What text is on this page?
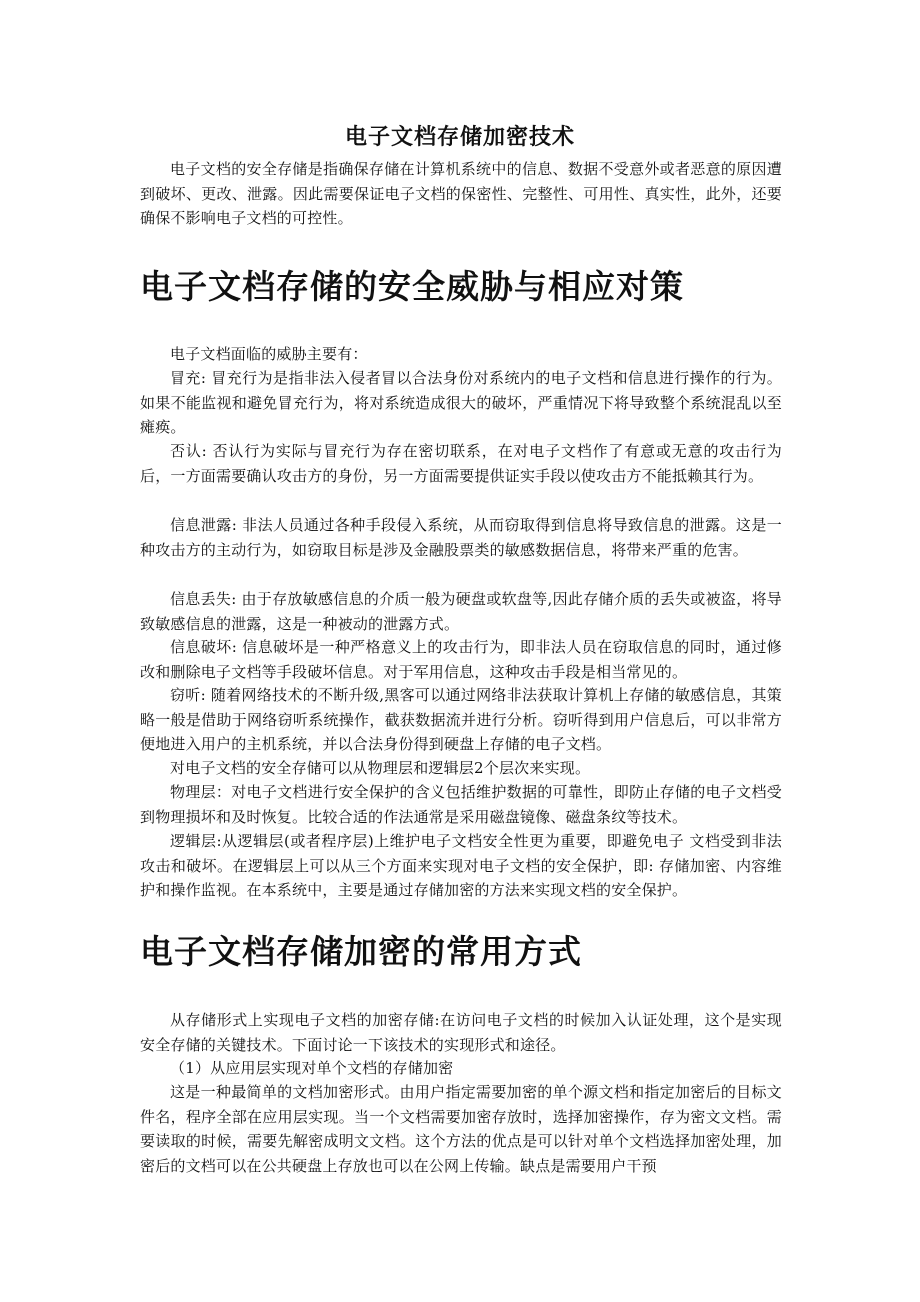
电子文档存储加密技术

电子文档的安全存储是指确保存储在计算机系统中的信息、数据不受意外或者恶意的原因遭到破坏、更改、泄露。因此需要保证电子文档的保密性、完整性、可用性、真实性，此外，还要确保不影响电子文档的可控性。

电子文档存储的安全威胁与相应对策

电子文档面临的威胁主要有：

冒充: 冒充行为是指非法入侵者冒以合法身份对系统内的电子文档和信息进行操作的行为。如果不能监视和避免冒充行为，将对系统造成很大的破坏，严重情况下将导致整个系统混乱以至瘫痪。

否认: 否认行为实际与冒充行为存在密切联系，在对电子文档作了有意或无意的攻击行为后，一方面需要确认攻击方的身份，另一方面需要提供证实手段以使攻击方不能抵赖其行为。

信息泄露: 非法人员通过各种手段侵入系统，从而窃取得到信息将导致信息的泄露。这是一种攻击方的主动行为，如窃取目标是涉及金融股票类的敏感数据信息，将带来严重的危害。

信息丢失: 由于存放敏感信息的介质一般为硬盘或软盘等,因此存储介质的丢失或被盗，将导致敏感信息的泄露，这是一种被动的泄露方式。

信息破坏: 信息破坏是一种严格意义上的攻击行为，即非法人员在窃取信息的同时，通过修改和删除电子文档等手段破坏信息。对于军用信息，这种攻击手段是相当常见的。

窃听: 随着网络技术的不断升级,黑客可以通过网络非法获取计算机上存储的敏感信息，其策略一般是借助于网络窃听系统操作，截获数据流并进行分析。窃听得到用户信息后，可以非常方便地进入用户的主机系统，并以合法身份得到硬盘上存储的电子文档。

对电子文档的安全存储可以从物理层和逻辑层2个层次来实现。

物理层：对电子文档进行安全保护的含义包括维护数据的可靠性，即防止存储的电子文档受到物理损坏和及时恢复。比较合适的作法通常是采用磁盘镜像、磁盘条纹等技术。

逻辑层:从逻辑层(或者程序层)上维护电子文档安全性更为重要，即避免电子 文档受到非法攻击和破坏。在逻辑层上可以从三个方面来实现对电子文档的安全保护，即: 存储加密、内容维护和操作监视。在本系统中，主要是通过存储加密的方法来实现文档的安全保护。

电子文档存储加密的常用方式

从存储形式上实现电子文档的加密存储:在访问电子文档的时候加入认证处理，这个是实现安全存储的关键技术。下面讨论一下该技术的实现形式和途径。

（1）从应用层实现对单个文档的存储加密

这是一种最简单的文档加密形式。由用户指定需要加密的单个源文档和指定加密后的目标文件名，程序全部在应用层实现。当一个文档需要加密存放时，选择加密操作，存为密文文档。需要读取的时候，需要先解密成明文文档。这个方法的优点是可以针对单个文档选择加密处理，加密后的文档可以在公共硬盘上存放也可以在公网上传输。缺点是需要用户干预
